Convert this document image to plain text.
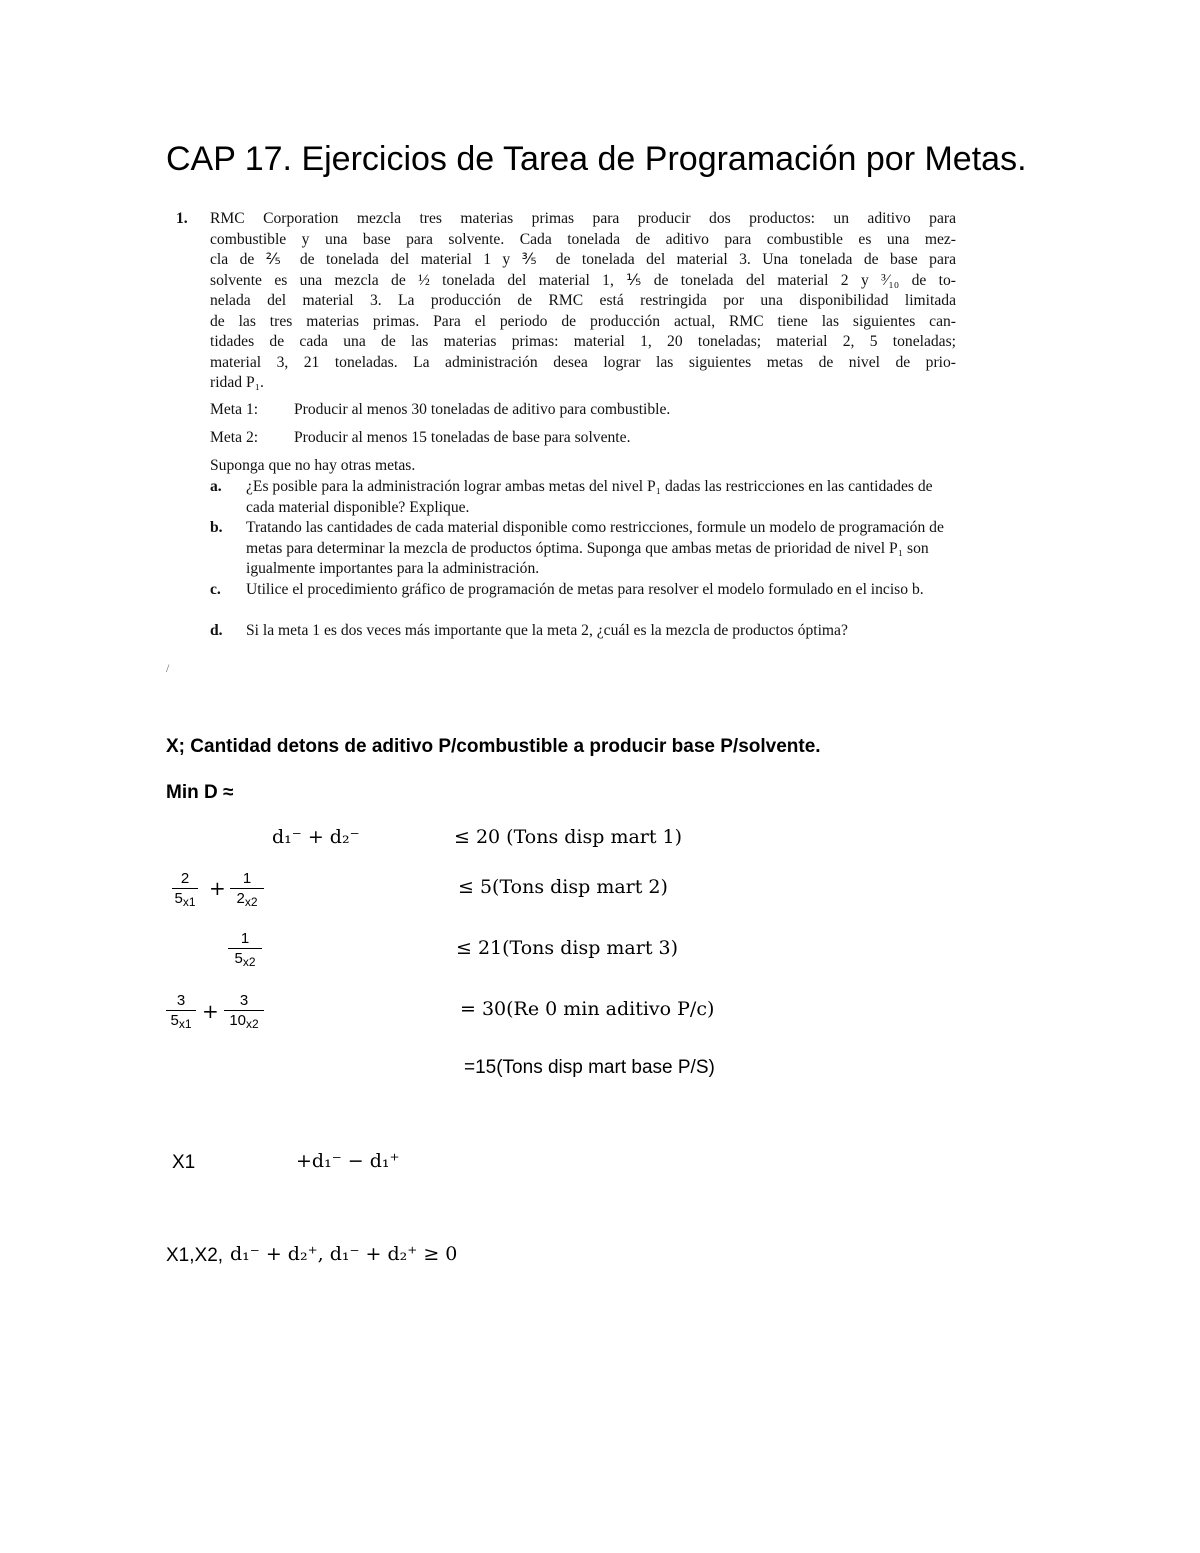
CAP 17. Ejercicios de Tarea de Programación por Metas.
1. RMC Corporation mezcla tres materias primas para producir dos productos: un aditivo para
combustible y una base para solvente. Cada tonelada de aditivo para combustible es una mez-
cla de ⅖ de tonelada del material 1 y ⅗ de tonelada del material 3. Una tonelada de base para
solvente es una mezcla de ½ tonelada del material 1, ⅕ de tonelada del material 2 y ³⁄₁₀ de to-
nelada del material 3. La producción de RMC está restringida por una disponibilidad limitada
de las tres materias primas. Para el periodo de producción actual, RMC tiene las siguientes can-
tidades de cada una de las materias primas: material 1, 20 toneladas; material 2, 5 toneladas;
material 3, 21 toneladas. La administración desea lograr las siguientes metas de nivel de prio-
ridad P₁.
Meta 1: Producir al menos 30 toneladas de aditivo para combustible.
Meta 2: Producir al menos 15 toneladas de base para solvente.
Suponga que no hay otras metas.
a. ¿Es posible para la administración lograr ambas metas del nivel P₁ dadas las restricciones en las cantidades de cada material disponible? Explique.
b. Tratando las cantidades de cada material disponible como restricciones, formule un modelo de programación de metas para determinar la mezcla de productos óptima. Suponga que ambas metas de prioridad de nivel P₁ son igualmente importantes para la administración.
c. Utilice el procedimiento gráfico de programación de metas para resolver el modelo formulado en el inciso b.
d. Si la meta 1 es dos veces más importante que la meta 2, ¿cuál es la mezcla de productos óptima?
/
X; Cantidad detons de aditivo P/combustible a producir base P/solvente.
Min D ≈
d₁⁻ + d₂⁻	≤ 20 (Tons disp mart 1)
$\frac{2}{5_{x1}} + \frac{1}{2_{x2}}$	≤ 5(Tons disp mart 2)
$\frac{1}{5_{x2}}$	≤ 21(Tons disp mart 3)
$\frac{3}{5_{x1}} + \frac{3}{10_{x2}}$	= 30(Re 0 min aditivo P/c)
=15(Tons disp mart base P/S)
X1	+d₁⁻ − d₁⁺
X1,X2, d₁⁻ + d₂⁺, d₁⁻ + d₂⁺ ≥ 0
